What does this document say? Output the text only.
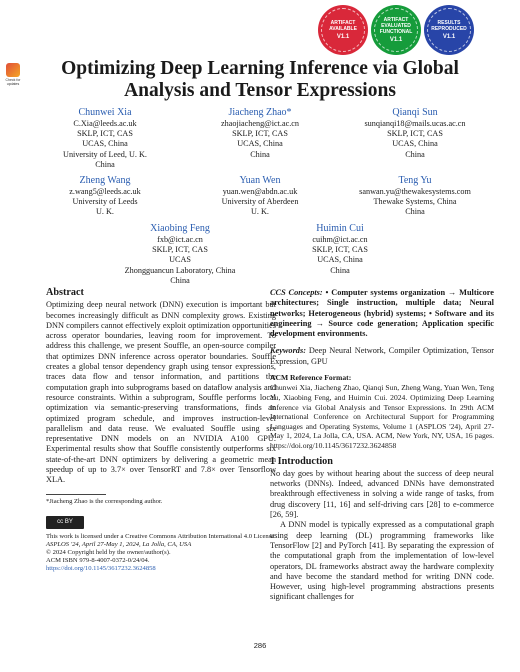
ARTIFACT AVAILABLE
V1.1
ARTIFACT EVALUATED FUNCTIONAL
V1.1
RESULTS REPRODUCED
V1.1
Check for updates
Optimizing Deep Learning Inference via Global
Analysis and Tensor Expressions
Chunwei Xia
C.Xia@leeds.ac.uk
SKLP, ICT, CAS
UCAS, China
University of Leed, U. K.
China
Jiacheng Zhao*
zhaojiacheng@ict.ac.cn
SKLP, ICT, CAS
UCAS, China
China
Qianqi Sun
sunqianqi18@mails.ucas.ac.cn
SKLP, ICT, CAS
UCAS, China
China
Zheng Wang
z.wang5@leeds.ac.uk
University of Leeds
U. K.
Yuan Wen
yuan.wen@abdn.ac.uk
University of Aberdeen
U. K.
Teng Yu
sanwan.yu@thewakesystems.com
Thewake Systems, China
China
Xiaobing Feng
fxb@ict.ac.cn
SKLP, ICT, CAS
UCAS
Zhongguancun Laboratory, China
China
Huimin Cui
cuihm@ict.ac.cn
SKLP, ICT, CAS
UCAS, China
China
Abstract
Optimizing deep neural network (DNN) execution is important but becomes increasingly difficult as DNN complexity grows. Existing DNN compilers cannot effectively exploit optimization opportunities across operator boundaries, leaving room for improvement. To address this challenge, we present Souffle, an open-source compiler that optimizes DNN inference across operator boundaries. Souffle creates a global tensor dependency graph using tensor expressions, traces data flow and tensor information, and partitions the computation graph into subprograms based on dataflow analysis and resource constraints. Within a subprogram, Souffle performs local optimization via semantic-preserving transformations, finds an optimized program schedule, and improves instruction-level parallelism and data reuse. We evaluated Souffle using six representative DNN models on an NVIDIA A100 GPU. Experimental results show that Souffle consistently outperforms six state-of-the-art DNN optimizers by delivering a geometric mean speedup of up to 3.7× over TensorRT and 7.8× over Tensorflow XLA.
*Jiacheng Zhao is the corresponding author.
cc BY
This work is licensed under a Creative Commons Attribution International 4.0 License.
ASPLOS '24, April 27-May 1, 2024, La Jolla, CA, USA
© 2024 Copyright held by the owner/author(s).
ACM ISBN 979-8-4007-0372-0/24/04.
https://doi.org/10.1145/3617232.3624858
CCS Concepts: • Computer systems organization → Multicore architectures; Single instruction, multiple data; Neural networks; Heterogeneous (hybrid) systems; • Software and its engineering → Source code generation; Application specific development environments.
Keywords: Deep Neural Network, Compiler Optimization, Tensor Expression, GPU
ACM Reference Format:
Chunwei Xia, Jiacheng Zhao, Qianqi Sun, Zheng Wang, Yuan Wen, Teng Yu, Xiaobing Feng, and Huimin Cui. 2024. Optimizing Deep Learning Inference via Global Analysis and Tensor Expressions. In 29th ACM International Conference on Architectural Support for Programming Languages and Operating Systems, Volume 1 (ASPLOS '24), April 27-May 1, 2024, La Jolla, CA, USA. ACM, New York, NY, USA, 16 pages. https://doi.org/10.1145/3617232.3624858
1 Introduction
No day goes by without hearing about the success of deep neural networks (DNNs). Indeed, advanced DNNs have demonstrated breakthrough effectiveness in solving a wide range of tasks, from drug discovery [11, 16] and self-driving cars [28] to e-commerce [26, 59].
A DNN model is typically expressed as a computational graph using deep learning (DL) programming frameworks like TensorFlow [2] and PyTorch [41]. By separating the expression of the computational graph from the implementation of low-level operators, DL frameworks abstract away the hardware complexity and have become the standard method for writing DNN code. However, using high-level programming abstractions presents significant challenges for
286
